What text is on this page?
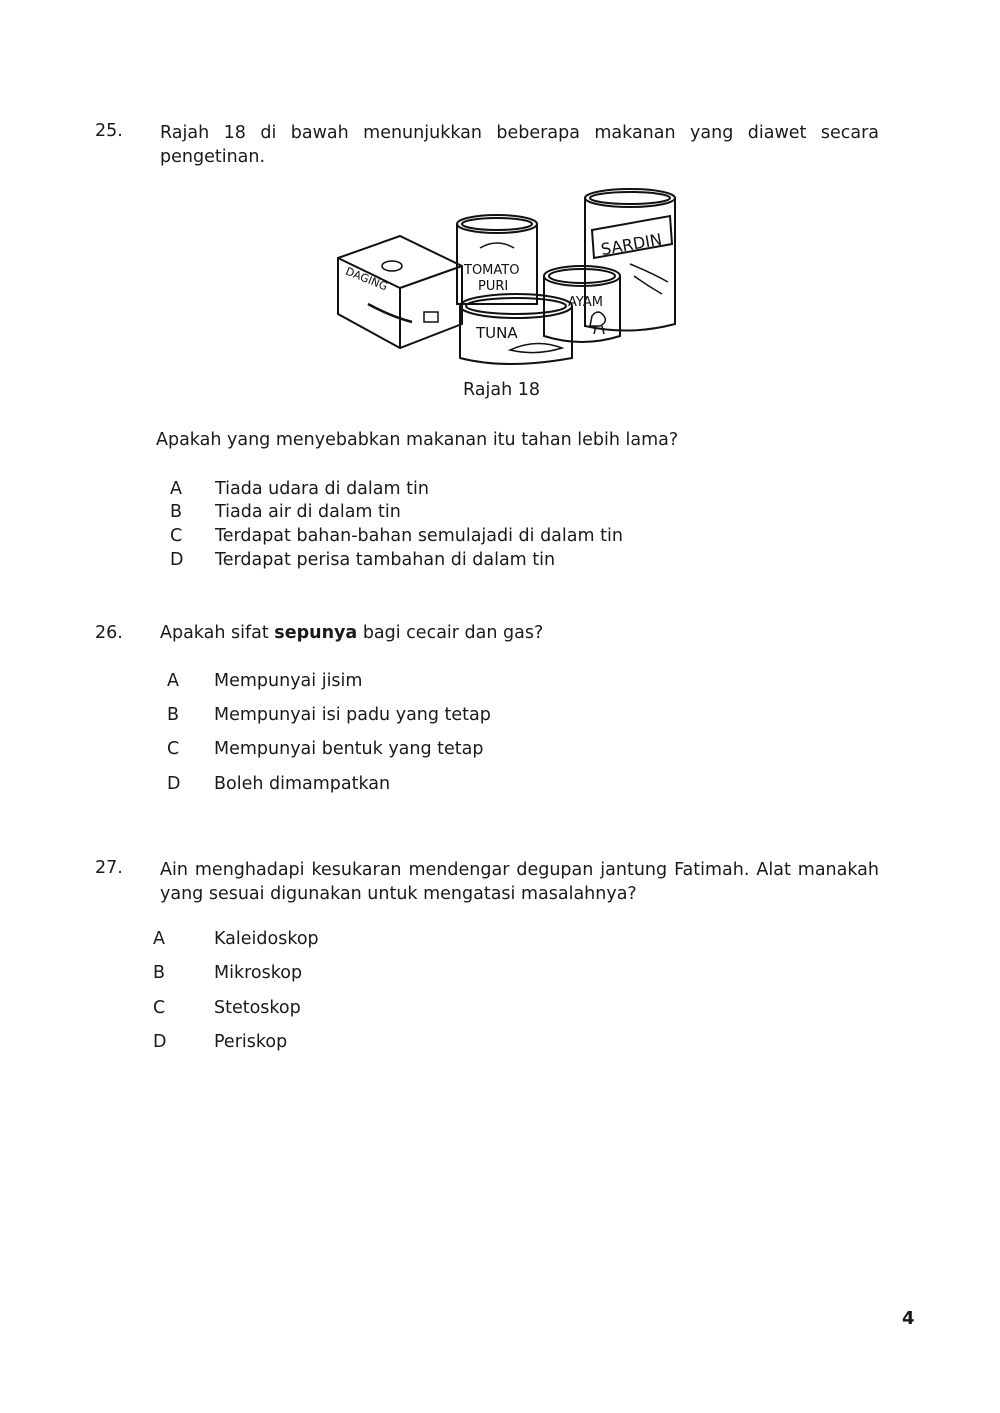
25. Rajah 18 di bawah menunjukkan beberapa makanan yang diawet secara pengetinan.
SARDIN
DAGING	TOMATO
PURI
AYAM
TUNA
Rajah 18
Apakah yang menyebabkan makanan itu tahan lebih lama?
A Tiada udara di dalam tin
B Tiada air di dalam tin
C Terdapat bahan-bahan semulajadi di dalam tin
D Terdapat perisa tambahan di dalam tin
26. Apakah sifat sepunya bagi cecair dan gas?
A Mempunyai jisim
B Mempunyai isi padu yang tetap
C Mempunyai bentuk yang tetap
D Boleh dimampatkan
27. Ain menghadapi kesukaran mendengar degupan jantung Fatimah. Alat manakah yang sesuai digunakan untuk mengatasi masalahnya?
A	Kaleidoskop
B	Mikroskop
C	Stetoskop
D	Periskop
4
